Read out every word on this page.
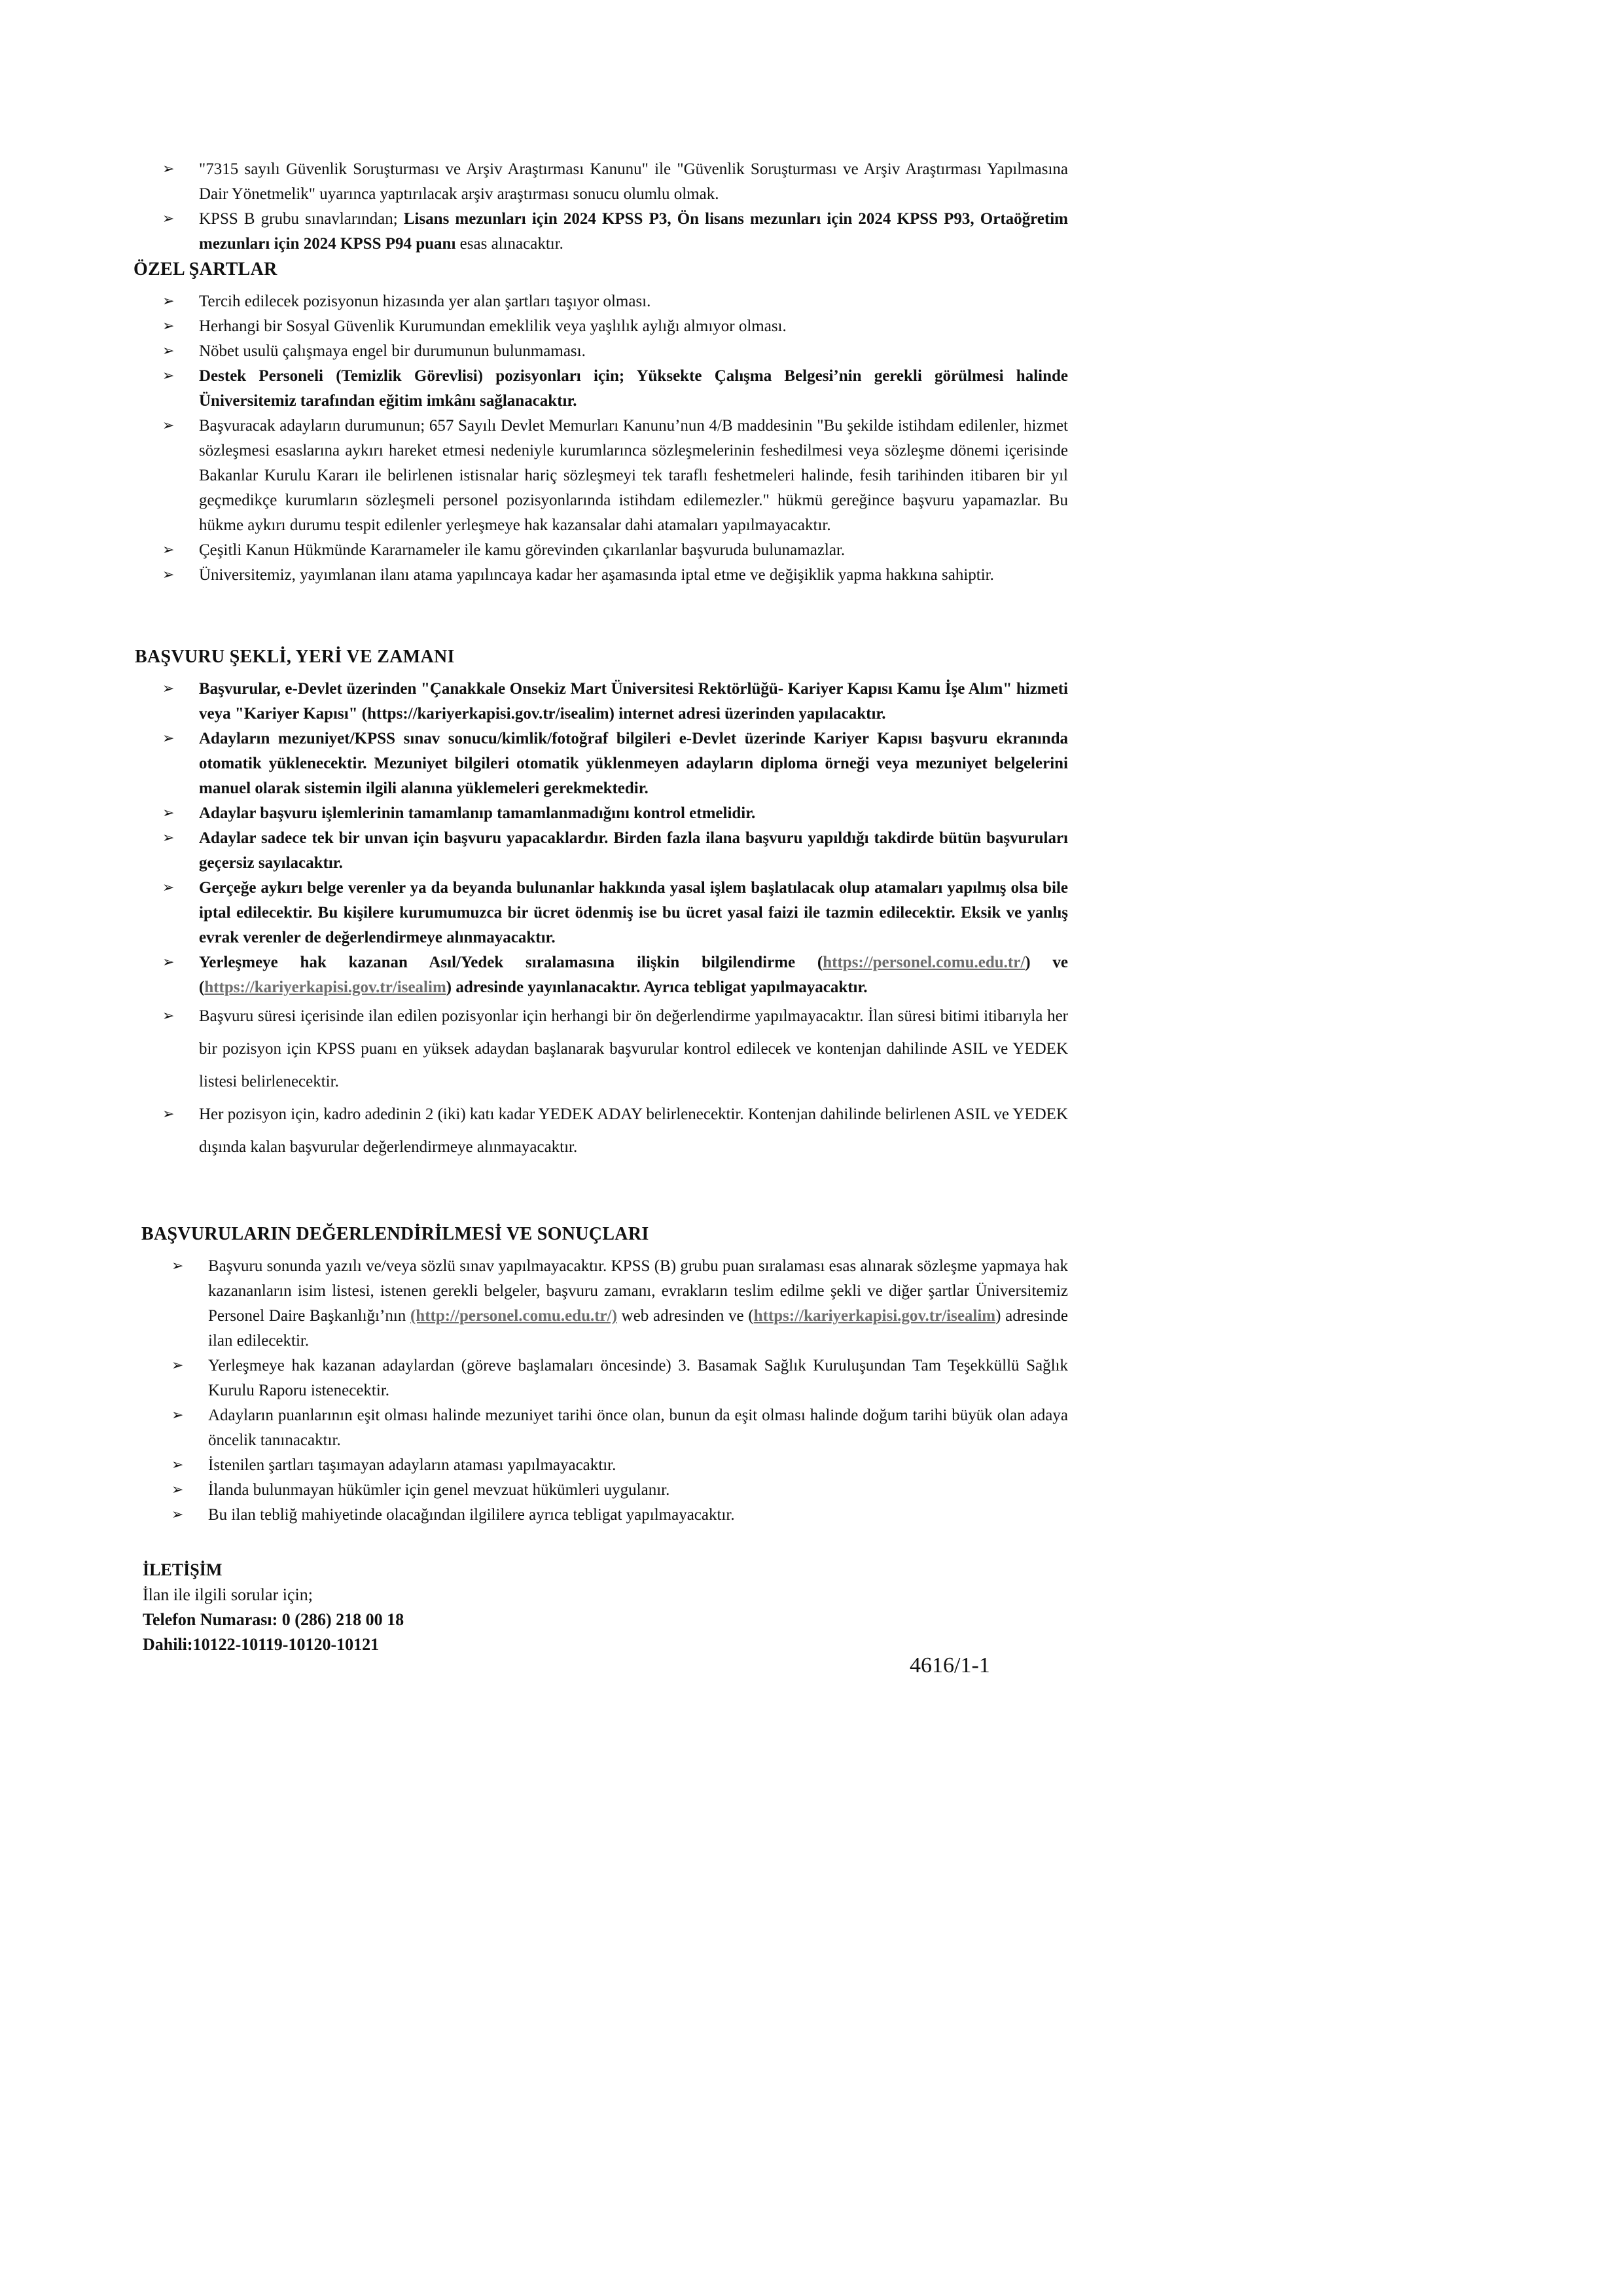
➢ "7315 sayılı Güvenlik Soruşturması ve Arşiv Araştırması Kanunu" ile "Güvenlik Soruşturması ve Arşiv Araştırması Yapılmasına Dair Yönetmelik" uyarınca yaptırılacak arşiv araştırması sonucu olumlu olmak.
➢ KPSS B grubu sınavlarından; Lisans mezunları için 2024 KPSS P3, Ön lisans mezunları için 2024 KPSS P93, Ortaöğretim mezunları için 2024 KPSS P94 puanı esas alınacaktır.
ÖZEL ŞARTLAR
➢ Tercih edilecek pozisyonun hizasında yer alan şartları taşıyor olması.
➢ Herhangi bir Sosyal Güvenlik Kurumundan emeklilik veya yaşlılık aylığı almıyor olması.
➢ Nöbet usulü çalışmaya engel bir durumunun bulunmaması.
➢ Destek Personeli (Temizlik Görevlisi) pozisyonları için; Yüksekte Çalışma Belgesi’nin gerekli görülmesi halinde Üniversitemiz tarafından eğitim imkânı sağlanacaktır.
➢ Başvuracak adayların durumunun; 657 Sayılı Devlet Memurları Kanunu’nun 4/B maddesinin "Bu şekilde istihdam edilenler, hizmet sözleşmesi esaslarına aykırı hareket etmesi nedeniyle kurumlarınca sözleşmelerinin feshedilmesi veya sözleşme dönemi içerisinde Bakanlar Kurulu Kararı ile belirlenen istisnalar hariç sözleşmeyi tek taraflı feshetmeleri halinde, fesih tarihinden itibaren bir yıl geçmedikçe kurumların sözleşmeli personel pozisyonlarında istihdam edilemezler." hükmü gereğince başvuru yapamazlar. Bu hükme aykırı durumu tespit edilenler yerleşmeye hak kazansalar dahi atamaları yapılmayacaktır.
➢ Çeşitli Kanun Hükmünde Kararnameler ile kamu görevinden çıkarılanlar başvuruda bulunamazlar.
➢ Üniversitemiz, yayımlanan ilanı atama yapılıncaya kadar her aşamasında iptal etme ve değişiklik yapma hakkına sahiptir.
BAŞVURU ŞEKLİ, YERİ VE ZAMANI
➢ Başvurular, e-Devlet üzerinden "Çanakkale Onsekiz Mart Üniversitesi Rektörlüğü- Kariyer Kapısı Kamu İşe Alım" hizmeti veya "Kariyer Kapısı" (https://kariyerkapisi.gov.tr/isealim) internet adresi üzerinden yapılacaktır.
➢ Adayların mezuniyet/KPSS sınav sonucu/kimlik/fotoğraf bilgileri e-Devlet üzerinde Kariyer Kapısı başvuru ekranında otomatik yüklenecektir. Mezuniyet bilgileri otomatik yüklenmeyen adayların diploma örneği veya mezuniyet belgelerini manuel olarak sistemin ilgili alanına yüklemeleri gerekmektedir.
➢ Adaylar başvuru işlemlerinin tamamlanıp tamamlanmadığını kontrol etmelidir.
➢ Adaylar sadece tek bir unvan için başvuru yapacaklardır. Birden fazla ilana başvuru yapıldığı takdirde bütün başvuruları geçersiz sayılacaktır.
➢ Gerçeğe aykırı belge verenler ya da beyanda bulunanlar hakkında yasal işlem başlatılacak olup atamaları yapılmış olsa bile iptal edilecektir. Bu kişilere kurumumuzca bir ücret ödenmiş ise bu ücret yasal faizi ile tazmin edilecektir. Eksik ve yanlış evrak verenler de değerlendirmeye alınmayacaktır.
➢ Yerleşmeye hak kazanan Asıl/Yedek sıralamasına ilişkin bilgilendirme (https://personel.comu.edu.tr/) ve (https://kariyerkapisi.gov.tr/isealim) adresinde yayınlanacaktır. Ayrıca tebligat yapılmayacaktır.
➢ Başvuru süresi içerisinde ilan edilen pozisyonlar için herhangi bir ön değerlendirme yapılmayacaktır. İlan süresi bitimi itibarıyla her bir pozisyon için KPSS puanı en yüksek adaydan başlanarak başvurular kontrol edilecek ve kontenjan dahilinde ASIL ve YEDEK listesi belirlenecektir.
➢ Her pozisyon için, kadro adedinin 2 (iki) katı kadar YEDEK ADAY belirlenecektir. Kontenjan dahilinde belirlenen ASIL ve YEDEK dışında kalan başvurular değerlendirmeye alınmayacaktır.
BAŞVURULARIN DEĞERLENDİRİLMESİ VE SONUÇLARI
➢ Başvuru sonunda yazılı ve/veya sözlü sınav yapılmayacaktır. KPSS (B) grubu puan sıralaması esas alınarak sözleşme yapmaya hak kazananların isim listesi, istenen gerekli belgeler, başvuru zamanı, evrakların teslim edilme şekli ve diğer şartlar Üniversitemiz Personel Daire Başkanlığı’nın (http://personel.comu.edu.tr/) web adresinden ve (https://kariyerkapisi.gov.tr/isealim) adresinde ilan edilecektir.
➢ Yerleşmeye hak kazanan adaylardan (göreve başlamaları öncesinde) 3. Basamak Sağlık Kuruluşundan Tam Teşekküllü Sağlık Kurulu Raporu istenecektir.
➢ Adayların puanlarının eşit olması halinde mezuniyet tarihi önce olan, bunun da eşit olması halinde doğum tarihi büyük olan adaya öncelik tanınacaktır.
➢ İstenilen şartları taşımayan adayların ataması yapılmayacaktır.
➢ İlanda bulunmayan hükümler için genel mevzuat hükümleri uygulanır.
➢ Bu ilan tebliğ mahiyetinde olacağından ilgililere ayrıca tebligat yapılmayacaktır.
İLETİŞİM
İlan ile ilgili sorular için;
Telefon Numarası: 0 (286) 218 00 18
Dahili:10122-10119-10120-10121
4616/1-1
